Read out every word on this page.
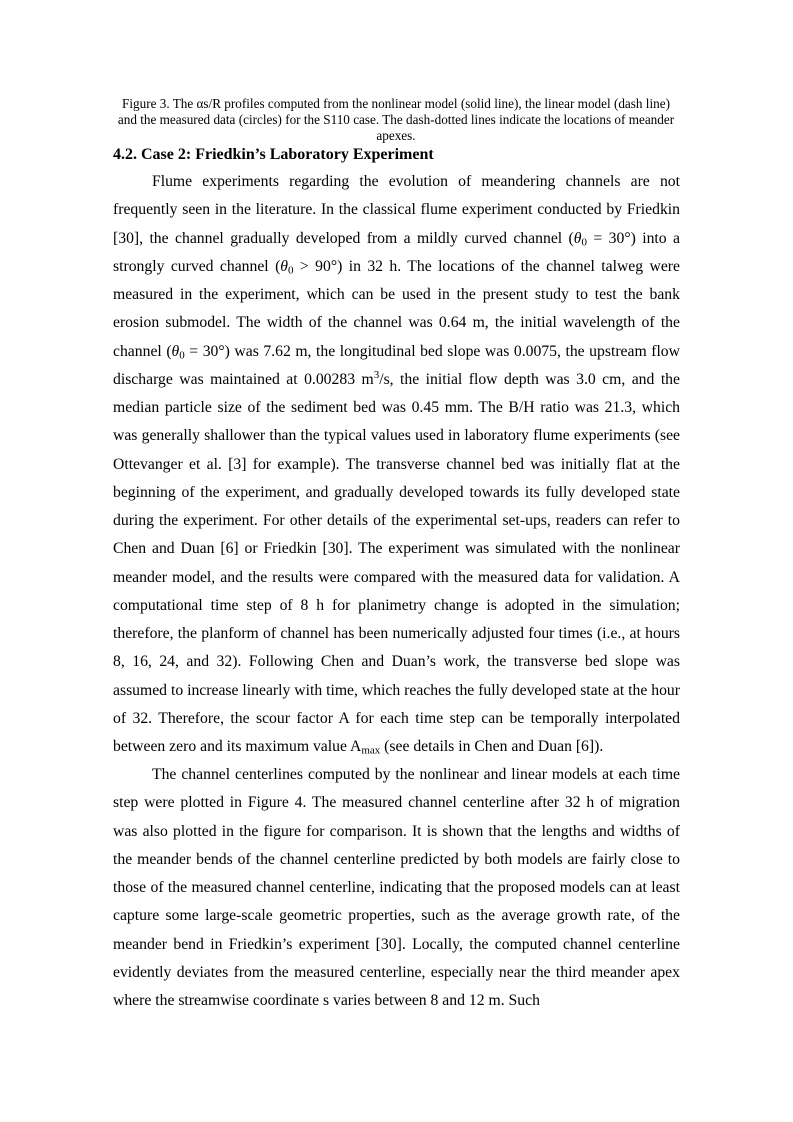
Figure 3. The αs/R profiles computed from the nonlinear model (solid line), the linear model (dash line) and the measured data (circles) for the S110 case. The dash-dotted lines indicate the locations of meander apexes.
4.2. Case 2: Friedkin’s Laboratory Experiment
Flume experiments regarding the evolution of meandering channels are not frequently seen in the literature. In the classical flume experiment conducted by Friedkin [30], the channel gradually developed from a mildly curved channel $(\theta_0 = 30^\circ)$ into a strongly curved channel $(\theta_0 > 90^\circ)$ in 32 h. The locations of the channel talweg were measured in the experiment, which can be used in the present study to test the bank erosion submodel. The width of the channel was 0.64 m, the initial wavelength of the channel $(\theta_0 = 30^\circ)$ was 7.62 m, the longitudinal bed slope was 0.0075, the upstream flow discharge was maintained at 0.00283 $m^3/s$, the initial flow depth was 3.0 cm, and the median particle size of the sediment bed was 0.45 mm. The B/H ratio was 21.3, which was generally shallower than the typical values used in laboratory flume experiments (see Ottevanger et al. [3] for example). The transverse channel bed was initially flat at the beginning of the experiment, and gradually developed towards its fully developed state during the experiment. For other details of the experimental set-ups, readers can refer to Chen and Duan [6] or Friedkin [30]. The experiment was simulated with the nonlinear meander model, and the results were compared with the measured data for validation. A computational time step of 8 h for planimetry change is adopted in the simulation; therefore, the planform of channel has been numerically adjusted four times (i.e., at hours 8, 16, 24, and 32). Following Chen and Duan’s work, the transverse bed slope was assumed to increase linearly with time, which reaches the fully developed state at the hour of 32. Therefore, the scour factor A for each time step can be temporally interpolated between zero and its maximum value $A_{max}$ (see details in Chen and Duan [6]).
The channel centerlines computed by the nonlinear and linear models at each time step were plotted in Figure 4. The measured channel centerline after 32 h of migration was also plotted in the figure for comparison. It is shown that the lengths and widths of the meander bends of the channel centerline predicted by both models are fairly close to those of the measured channel centerline, indicating that the proposed models can at least capture some large-scale geometric properties, such as the average growth rate, of the meander bend in Friedkin’s experiment [30]. Locally, the computed channel centerline evidently deviates from the measured centerline, especially near the third meander apex where the streamwise coordinate s varies between 8 and 12 m. Such
